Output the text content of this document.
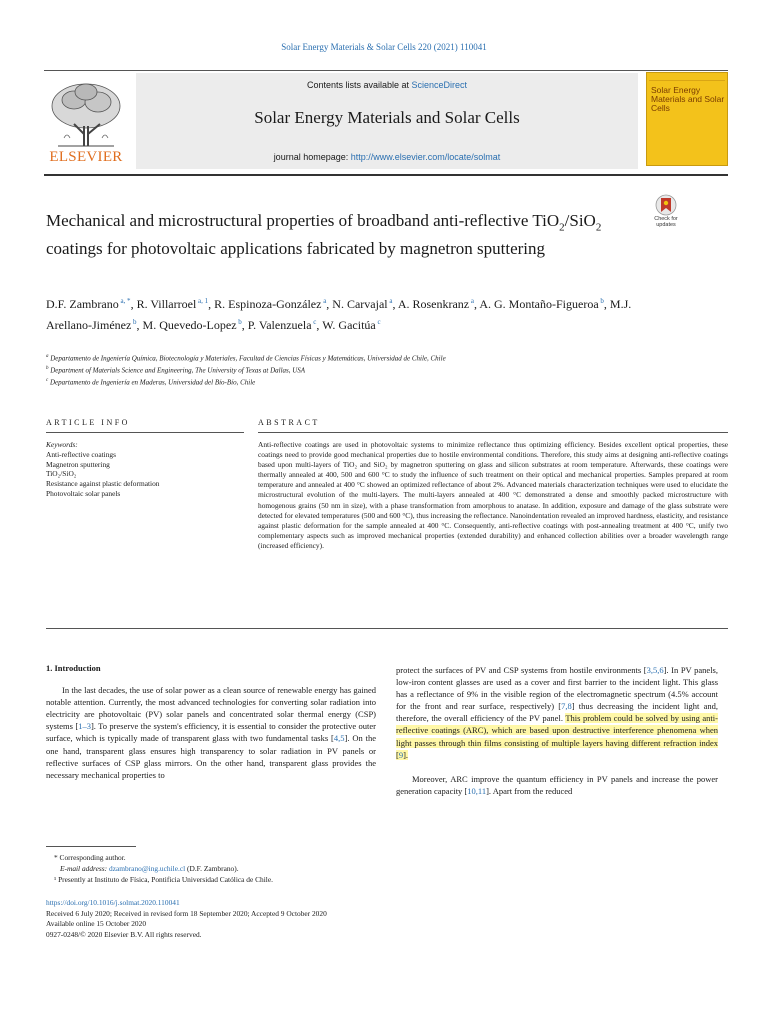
Solar Energy Materials & Solar Cells 220 (2021) 110041
ELSEVIER
Contents lists available at ScienceDirect
Solar Energy Materials and Solar Cells
journal homepage: http://www.elsevier.com/locate/solmat
Solar Energy Materials and Solar Cells
Mechanical and microstructural properties of broadband anti-reflective TiO$_2$/SiO$_2$ coatings for photovoltaic applications fabricated by magnetron sputtering
Check for updates
D.F. Zambrano $^{a, *}$, R. Villarroel $^{a, 1}$, R. Espinoza-González $^a$, N. Carvajal $^a$, A. Rosenkranz $^a$, A. G. Montaño-Figueroa $^b$, M.J. Arellano-Jiménez $^b$, M. Quevedo-Lopez $^b$, P. Valenzuela $^c$, W. Gacitúa $^c$
$^a$ Departamento de Ingeniería Química, Biotecnología y Materiales, Facultad de Ciencias Físicas y Matemáticas, Universidad de Chile, Chile
$^b$ Department of Materials Science and Engineering, The University of Texas at Dallas, USA
$^c$ Departamento de Ingeniería en Maderas, Universidad del Bío-Bío, Chile
ARTICLE INFO	ABSTRACT
Keywords:
Anti-reflective coatings
Magnetron sputtering
TiO₂/SiO₂
Resistance against plastic deformation
Photovoltaic solar panels
Anti-reflective coatings are used in photovoltaic systems to minimize reflectance thus optimizing efficiency. Besides excellent optical properties, these coatings need to provide good mechanical properties due to hostile environmental conditions. Therefore, this study aims at designing anti-reflective coatings based upon multi-layers of TiO₂ and SiO₂ by magnetron sputtering on glass and silicon substrates at room temperature. Afterwards, these coatings were thermally annealed at 400, 500 and 600 °C to study the influence of such treatment on their optical and mechanical properties. Samples prepared at room temperature and annealed at 400 °C showed an optimized reflectance of about 2%. Advanced materials characterization techniques were used to elucidate the microstructural evolution of the multi-layers. The multi-layers annealed at 400 °C demonstrated a dense and smoothly packed microstructure with homogenous grains (50 nm in size), with a phase transformation from amorphous to anatase. In addition, exposure and damage of the glass substrate were detected for elevated temperatures (500 and 600 °C), thus increasing the reflectance. Nanoindentation revealed an improved hardness, elasticity, and resistance against plastic deformation for the sample annealed at 400 °C. Consequently, anti-reflective coatings with post-annealing treatment at 400 °C, unify two complementary aspects such as improved mechanical properties (extended durability) and enhanced collection abilities over a broader wavelength range (increased efficiency).
1. Introduction
In the last decades, the use of solar power as a clean source of renewable energy has gained notable attention. Currently, the most advanced technologies for converting solar radiation into electricity are photovoltaic (PV) solar panels and concentrated solar thermal energy (CSP) systems [1–3]. To preserve the system's efficiency, it is essential to consider the protective outer surface, which is typically made of transparent glass with two fundamental tasks [4,5]. On the one hand, transparent glass ensures high transparency to solar radiation in PV panels or reflective surfaces of CSP glass mirrors. On the other hand, transparent glass provides the necessary mechanical properties to
protect the surfaces of PV and CSP systems from hostile environments [3,5,6]. In PV panels, low-iron content glasses are used as a cover and first barrier to the incident light. This glass has a reflectance of 9% in the visible region of the electromagnetic spectrum (4.5% account for the front and rear surface, respectively) [7,8] thus decreasing the incident light and, therefore, the overall efficiency of the PV panel. This problem could be solved by using anti-reflective coatings (ARC), which are based upon destructive interference phenomena when light passes through thin films consisting of multiple layers having different refraction index [9].
Moreover, ARC improve the quantum efficiency in PV panels and increase the power generation capacity [10,11]. Apart from the reduced
* Corresponding author.
E-mail address: dzambrano@ing.uchile.cl (D.F. Zambrano).
¹ Presently at Instituto de Física, Pontificia Universidad Católica de Chile.
https://doi.org/10.1016/j.solmat.2020.110041
Received 6 July 2020; Received in revised form 18 September 2020; Accepted 9 October 2020
Available online 15 October 2020
0927-0248/© 2020 Elsevier B.V. All rights reserved.
